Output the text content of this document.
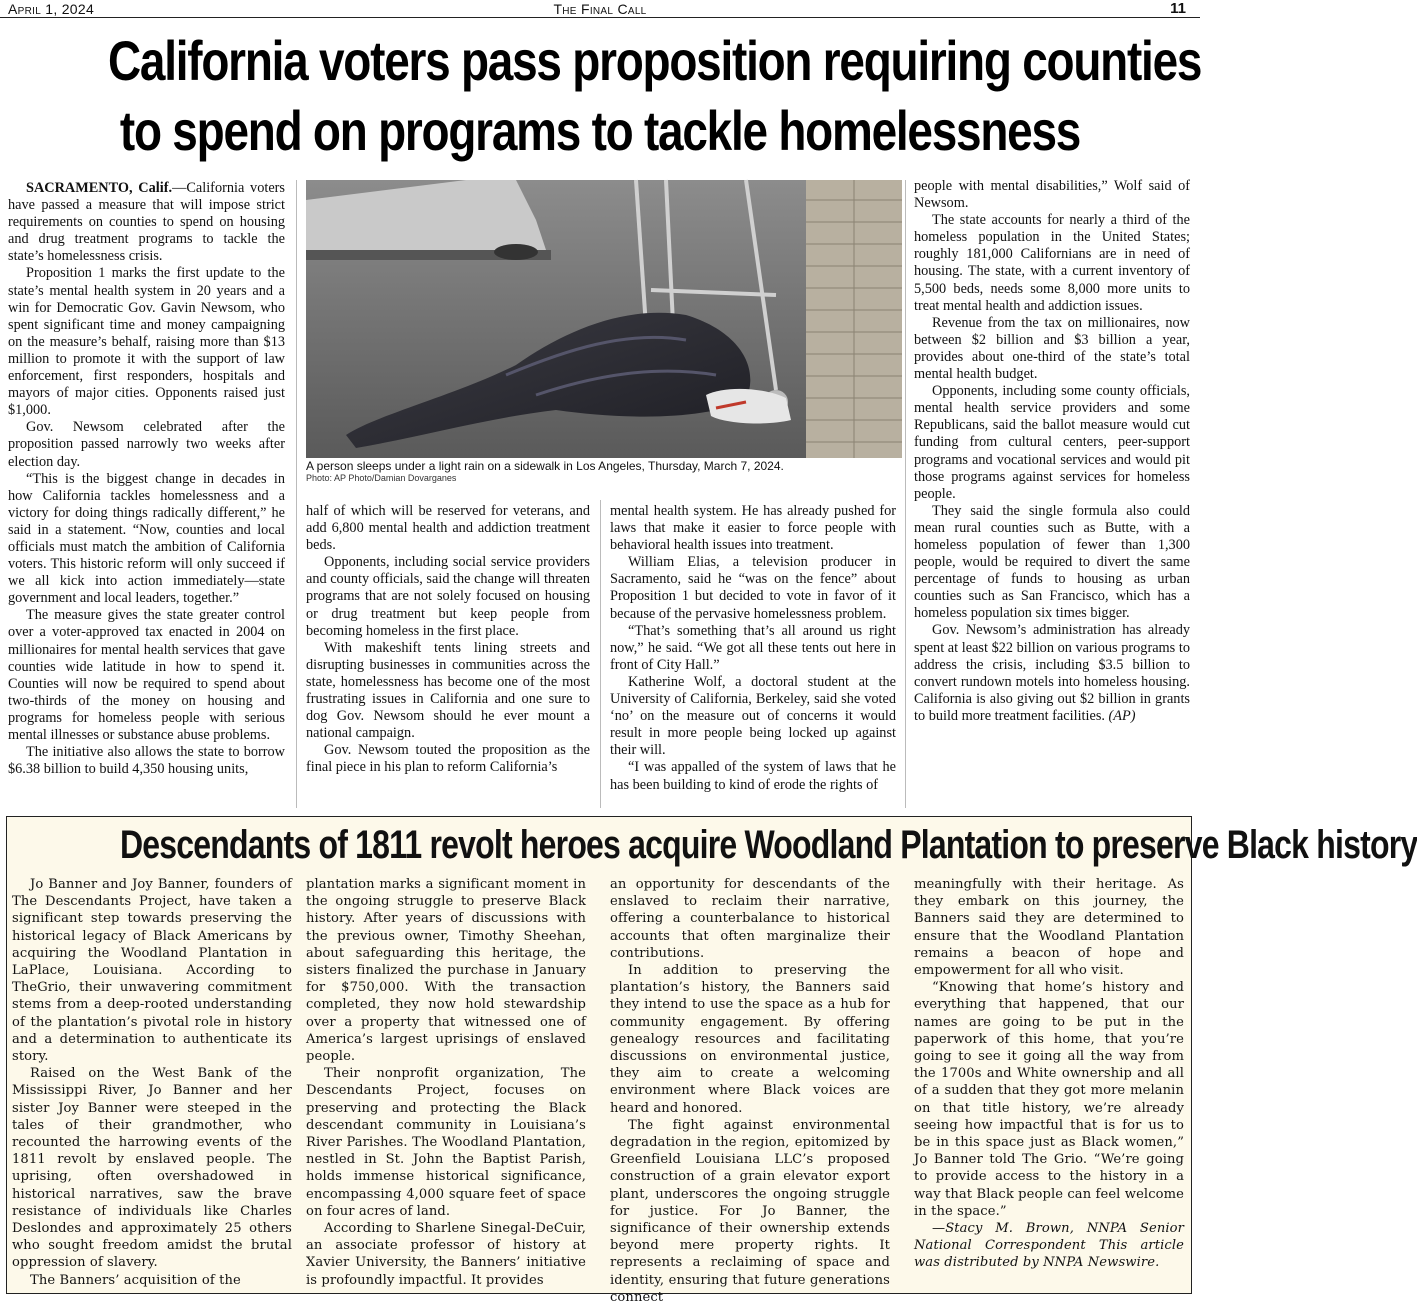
April 1, 2024	The Final Call	11
California voters pass proposition requiring counties
to spend on programs to tackle homelessness

SACRAMENTO, Calif.—California voters have passed a measure that will impose strict requirements on counties to spend on housing and drug treatment programs to tackle the state’s homelessness crisis.

Proposition 1 marks the first update to the state’s mental health system in 20 years and a win for Democratic Gov. Gavin Newsom, who spent significant time and money campaigning on the measure’s behalf, raising more than $13 million to promote it with the support of law enforcement, first responders, hospitals and mayors of major cities. Opponents raised just $1,000.

Gov. Newsom celebrated after the proposition passed narrowly two weeks after election day.

“This is the biggest change in decades in how California tackles homelessness and a victory for doing things radically different,” he said in a statement. “Now, counties and local officials must match the ambition of California voters. This historic reform will only succeed if we all kick into action immediately—state government and local leaders, together.”

The measure gives the state greater control over a voter-approved tax enacted in 2004 on millionaires for mental health services that gave counties wide latitude in how to spend it. Counties will now be required to spend about two-thirds of the money on housing and programs for homeless people with serious mental illnesses or substance abuse problems.

The initiative also allows the state to borrow $6.38 billion to build 4,350 housing units,

A person sleeps under a light rain on a sidewalk in Los Angeles, Thursday, March 7, 2024.
Photo: AP Photo/Damian Dovarganes

half of which will be reserved for veterans, and add 6,800 mental health and addiction treatment beds.

Opponents, including social service providers and county officials, said the change will threaten programs that are not solely focused on housing or drug treatment but keep people from becoming homeless in the first place.

With makeshift tents lining streets and disrupting businesses in communities across the state, homelessness has become one of the most frustrating issues in California and one sure to dog Gov. Newsom should he ever mount a national campaign.

Gov. Newsom touted the proposition as the final piece in his plan to reform California’s

mental health system. He has already pushed for laws that make it easier to force people with behavioral health issues into treatment.

William Elias, a television producer in Sacramento, said he “was on the fence” about Proposition 1 but decided to vote in favor of it because of the pervasive homelessness problem.

“That’s something that’s all around us right now,” he said. “We got all these tents out here in front of City Hall.”

Katherine Wolf, a doctoral student at the University of California, Berkeley, said she voted ‘no’ on the measure out of concerns it would result in more people being locked up against their will.

“I was appalled of the system of laws that he has been building to kind of erode the rights of

people with mental disabilities,” Wolf said of Newsom.

The state accounts for nearly a third of the homeless population in the United States; roughly 181,000 Californians are in need of housing. The state, with a current inventory of 5,500 beds, needs some 8,000 more units to treat mental health and addiction issues.

Revenue from the tax on millionaires, now between $2 billion and $3 billion a year, provides about one-third of the state’s total mental health budget.

Opponents, including some county officials, mental health service providers and some Republicans, said the ballot measure would cut funding from cultural centers, peer-support programs and vocational services and would pit those programs against services for homeless people.

They said the single formula also could mean rural counties such as Butte, with a homeless population of fewer than 1,300 people, would be required to divert the same percentage of funds to housing as urban counties such as San Francisco, which has a homeless population six times bigger.

Gov. Newsom’s administration has already spent at least $22 billion on various programs to address the crisis, including $3.5 billion to convert rundown motels into homeless housing. California is also giving out $2 billion in grants to build more treatment facilities. (AP)

Descendants of 1811 revolt heroes acquire Woodland Plantation to preserve Black history

Jo Banner and Joy Banner, founders of The Descendants Project, have taken a significant step towards preserving the historical legacy of Black Americans by acquiring the Woodland Plantation in LaPlace, Louisiana. According to TheGrio, their unwavering commitment stems from a deep-rooted understanding of the plantation’s pivotal role in history and a determination to authenticate its story.

Raised on the West Bank of the Mississippi River, Jo Banner and her sister Joy Banner were steeped in the tales of their grandmother, who recounted the harrowing events of the 1811 revolt by enslaved people. The uprising, often overshadowed in historical narratives, saw the brave resistance of individuals like Charles Deslondes and approximately 25 others who sought freedom amidst the brutal oppression of slavery.

The Banners’ acquisition of the

plantation marks a significant moment in the ongoing struggle to preserve Black history. After years of discussions with the previous owner, Timothy Sheehan, about safeguarding this heritage, the sisters finalized the purchase in January for $750,000. With the transaction completed, they now hold stewardship over a property that witnessed one of America’s largest uprisings of enslaved people.

Their nonprofit organization, The Descendants Project, focuses on preserving and protecting the Black descendant community in Louisiana’s River Parishes. The Woodland Plantation, nestled in St. John the Baptist Parish, holds immense historical significance, encompassing 4,000 square feet of space on four acres of land.

According to Sharlene Sinegal-DeCuir, an associate professor of history at Xavier University, the Banners’ initiative is profoundly impactful. It provides

an opportunity for descendants of the enslaved to reclaim their narrative, offering a counterbalance to historical accounts that often marginalize their contributions.

In addition to preserving the plantation’s history, the Banners said they intend to use the space as a hub for community engagement. By offering genealogy resources and facilitating discussions on environmental justice, they aim to create a welcoming environment where Black voices are heard and honored.

The fight against environmental degradation in the region, epitomized by Greenfield Louisiana LLC’s proposed construction of a grain elevator export plant, underscores the ongoing struggle for justice. For Jo Banner, the significance of their ownership extends beyond mere property rights. It represents a reclaiming of space and identity, ensuring that future generations connect

meaningfully with their heritage. As they embark on this journey, the Banners said they are determined to ensure that the Woodland Plantation remains a beacon of hope and empowerment for all who visit.

“Knowing that home’s history and everything that happened, that our names are going to be put in the paperwork of this home, that you’re going to see it going all the way from the 1700s and White ownership and all of a sudden that they got more melanin on that title history, we’re already seeing how impactful that is for us to be in this space just as Black women,” Jo Banner told The Grio. “We’re going to provide access to the history in a way that Black people can feel welcome in the space.”

—Stacy M. Brown, NNPA Senior National Correspondent This article was distributed by NNPA Newswire.
